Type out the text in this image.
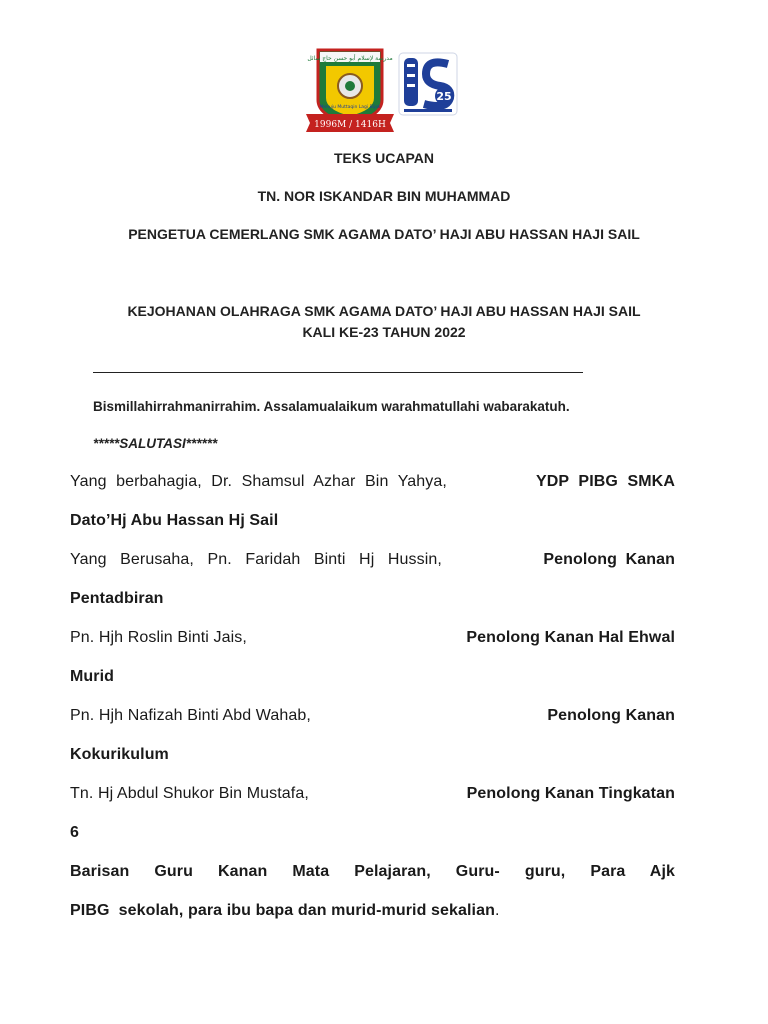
مدرسة لإسلام أبو حسن حاج سائل
Menuju Muttaqin Lagi Bijak
1996M / 1416H
25
TEKS UCAPAN
TN. NOR ISKANDAR BIN MUHAMMAD
PENGETUA CEMERLANG SMK AGAMA DATO’ HAJI ABU HASSAN HAJI SAIL
KEJOHANAN OLAHRAGA SMK AGAMA DATO’ HAJI ABU HASSAN HAJI SAIL
KALI KE-23 TAHUN 2022
Bismillahirrahmanirrahim. Assalamualaikum warahmatullahi wabarakatuh.
*****SALUTASI******
Yang berbahagia, Dr. Shamsul Azhar Bin Yahya,	YDP PIBG SMKA
Dato’Hj Abu Hassan Hj Sail
Yang Berusaha, Pn. Faridah Binti Hj Hussin,	Penolong Kanan
Pentadbiran
Pn. Hjh Roslin Binti Jais,	Penolong Kanan Hal Ehwal
Murid
Pn. Hjh Nafizah Binti Abd Wahab,	Penolong Kanan
Kokurikulum
Tn. Hj Abdul Shukor Bin Mustafa,	Penolong Kanan Tingkatan
6
Barisan Guru Kanan Mata Pelajaran, Guru- guru, Para Ajk
PIBG  sekolah, para ibu bapa dan murid-murid sekalian.
